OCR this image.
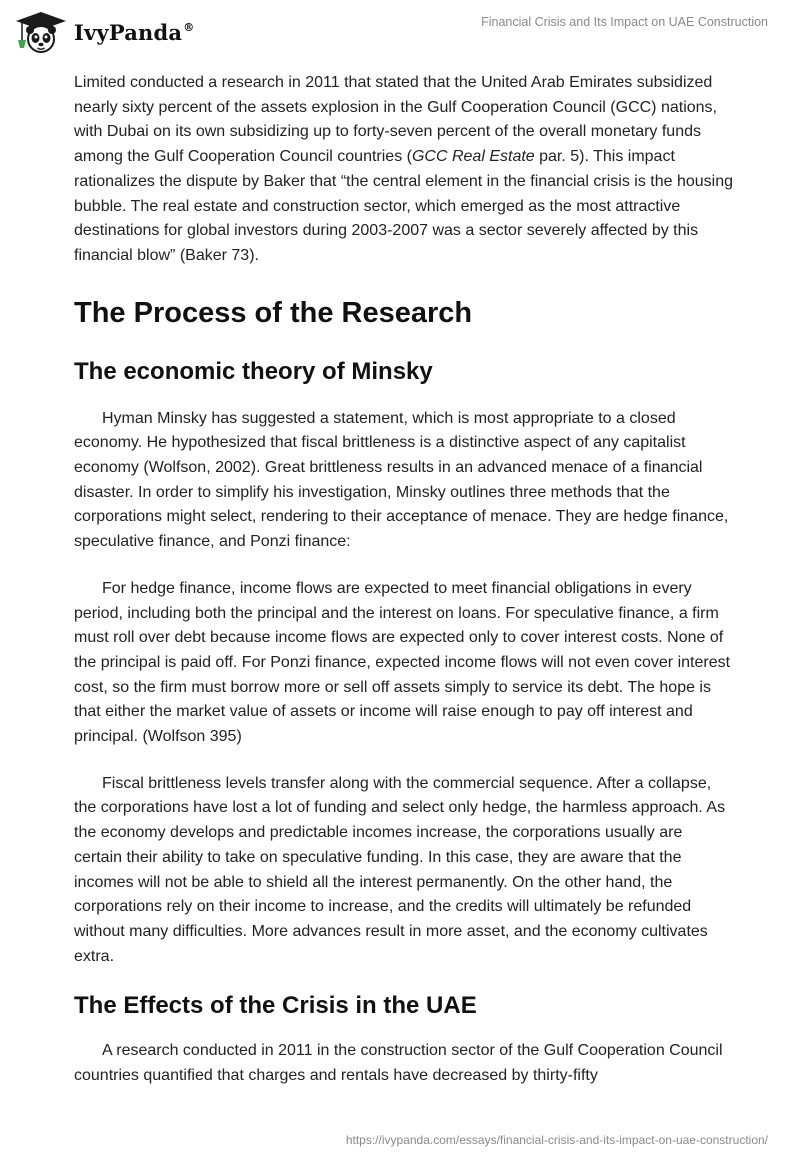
IvyPanda®	Financial Crisis and Its Impact on UAE Construction

Limited conducted a research in 2011 that stated that the United Arab Emirates subsidized nearly sixty percent of the assets explosion in the Gulf Cooperation Council (GCC) nations, with Dubai on its own subsidizing up to forty-seven percent of the overall monetary funds among the Gulf Cooperation Council countries (GCC Real Estate par. 5). This impact rationalizes the dispute by Baker that “the central element in the financial crisis is the housing bubble. The real estate and construction sector, which emerged as the most attractive destinations for global investors during 2003-2007 was a sector severely affected by this financial blow” (Baker 73).

The Process of the Research
The economic theory of Minsky

Hyman Minsky has suggested a statement, which is most appropriate to a closed economy. He hypothesized that fiscal brittleness is a distinctive aspect of any capitalist economy (Wolfson, 2002). Great brittleness results in an advanced menace of a financial disaster. In order to simplify his investigation, Minsky outlines three methods that the corporations might select, rendering to their acceptance of menace. They are hedge finance, speculative finance, and Ponzi finance:

For hedge finance, income flows are expected to meet financial obligations in every period, including both the principal and the interest on loans. For speculative finance, a firm must roll over debt because income flows are expected only to cover interest costs. None of the principal is paid off. For Ponzi finance, expected income flows will not even cover interest cost, so the firm must borrow more or sell off assets simply to service its debt. The hope is that either the market value of assets or income will raise enough to pay off interest and principal. (Wolfson 395)

Fiscal brittleness levels transfer along with the commercial sequence. After a collapse, the corporations have lost a lot of funding and select only hedge, the harmless approach. As the economy develops and predictable incomes increase, the corporations usually are certain their ability to take on speculative funding. In this case, they are aware that the incomes will not be able to shield all the interest permanently. On the other hand, the corporations rely on their income to increase, and the credits will ultimately be refunded without many difficulties. More advances result in more asset, and the economy cultivates extra.

The Effects of the Crisis in the UAE

A research conducted in 2011 in the construction sector of the Gulf Cooperation Council countries quantified that charges and rentals have decreased by thirty-fifty

https://ivypanda.com/essays/financial-crisis-and-its-impact-on-uae-construction/
